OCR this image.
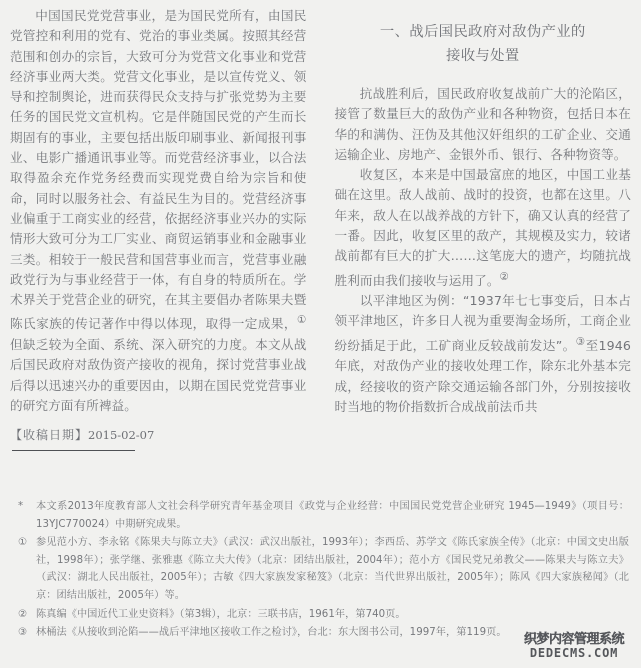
中国国民党党营事业，是为国民党所有，由国民党管控和利用的党有、党治的事业类属。按照其经营范围和创办的宗旨，大致可分为党营文化事业和党营经济事业两大类。党营文化事业，是以宣传党义、领导和控制舆论，进而获得民众支持与扩张党势为主要任务的国民党文宣机构。它是伴随国民党的产生而长期固有的事业，主要包括出版印刷事业、新闻报刊事业、电影广播通讯事业等。而党营经济事业，以合法取得盈余充作党务经费而实现党费自给为宗旨和使命，同时以服务社会、有益民生为目的。党营经济事业偏重于工商实业的经营，依据经济事业兴办的实际情形大致可分为工厂实业、商贸运销事业和金融事业三类。相较于一般民营和国营事业而言，党营事业融政党行为与事业经营于一体，有自身的特质所在。学术界关于党营企业的研究，在其主要倡办者陈果夫暨陈氏家族的传记著作中得以体现，取得一定成果，①但缺乏较为全面、系统、深入研究的力度。本文从战后国民政府对敌伪资产接收的视角，探讨党营事业战后得以迅速兴办的重要因由，以期在国民党党营事业的研究方面有所裨益。

【收稿日期】2015-02-07

一、战后国民政府对敌伪产业的
接收与处置

抗战胜利后，国民政府收复战前广大的沦陷区，接管了数量巨大的敌伪产业和各种物资，包括日本在华的和满伪、汪伪及其他汉奸组织的工矿企业、交通运输企业、房地产、金银外币、银行、各种物资等。

收复区，本来是中国最富庶的地区，中国工业基础在这里。敌人战前、战时的投资，也都在这里。八年来，敌人在以战养战的方针下，确又认真的经营了一番。因此，收复区里的敌产，其规模及实力，较诸战前都有巨大的扩大……这笔庞大的遗产，均随抗战胜利而由我们接收与运用了。②

以平津地区为例：“1937年七七事变后，日本占领平津地区，许多日人视为重要淘金场所，工商企业纷纷插足于此，工矿商业反较战前发达”。③至1946年底，对敌伪产业的接收处理工作，除东北外基本完成，经接收的资产除交通运输各部门外，分别按接收时当地的物价指数折合成战前法币共

*	本文系2013年度教育部人文社会科学研究青年基金项目《政党与企业经营：中国国民党党营企业研究 1945—1949》（项目号：13YJC770024）中期研究成果。
① 参见范小方、李永铭《陈果夫与陈立夫》（武汉：武汉出版社，1993年）；李西岳、苏学文《陈氏家族全传》（北京：中国文史出版社，1998年）；张学继、张雅惠《陈立夫大传》（北京：团结出版社，2004年）；范小方《国民党兄弟教父——陈果夫与陈立夫》（武汉：湖北人民出版社，2005年）；古敏《四大家族发家秘笈》（北京：当代世界出版社，2005年）；陈风《四大家族秘闻》（北京：团结出版社，2005年）等。
② 陈真编《中国近代工业史资料》（第3辑），北京：三联书店，1961年，第740页。
③ 林桶法《从接收到沦陷——战后平津地区接收工作之检讨》，台北：东大图书公司，1997年，第119页。	织梦内容管理系统
DEDECMS.COM
